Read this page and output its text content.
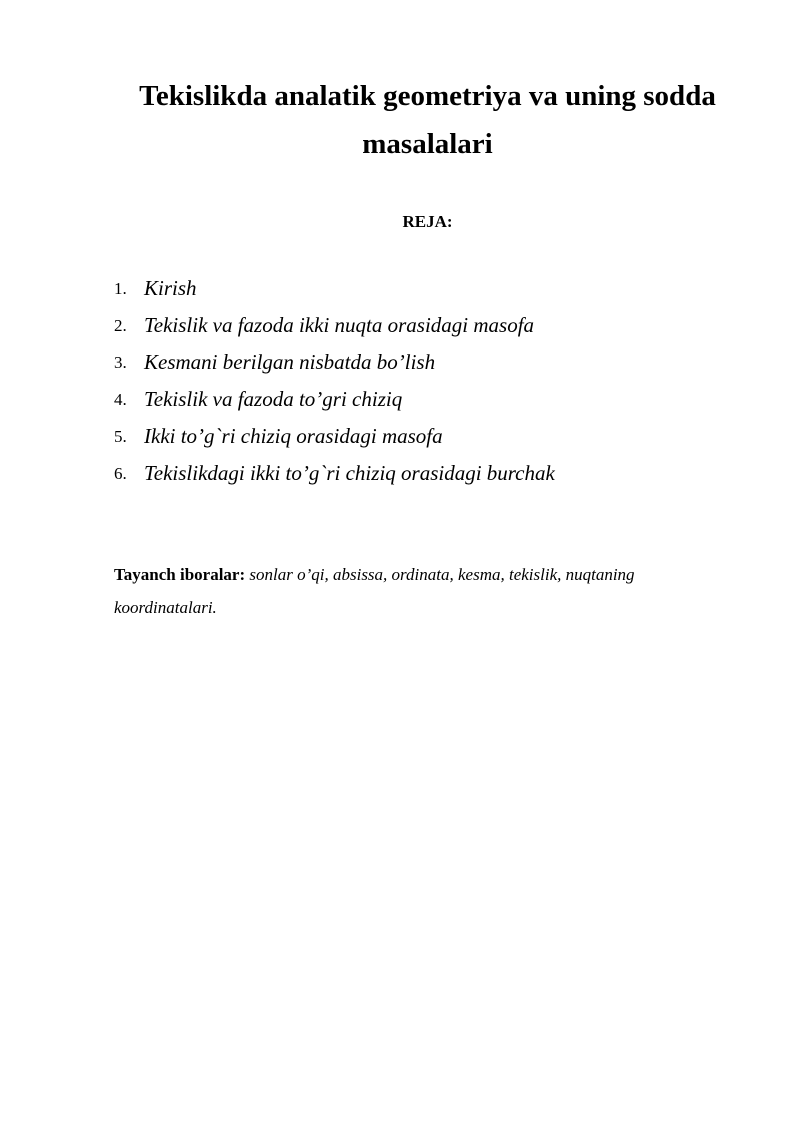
Tekislikda analatik geometriya va uning sodda masalalari
REJA:
1. Kirish
2. Tekislik va fazoda ikki nuqta orasidagi masofa
3. Kesmani berilgan nisbatda bo’lish
4. Tekislik va fazoda to’gri chiziq
5. Ikki to’g`ri chiziq orasidagi masofa
6. Tekislikdagi ikki to’g`ri chiziq orasidagi burchak

Tayanch iboralar: sonlar o’qi, absissa, ordinata, kesma, tekislik, nuqtaning koordinatalari.
